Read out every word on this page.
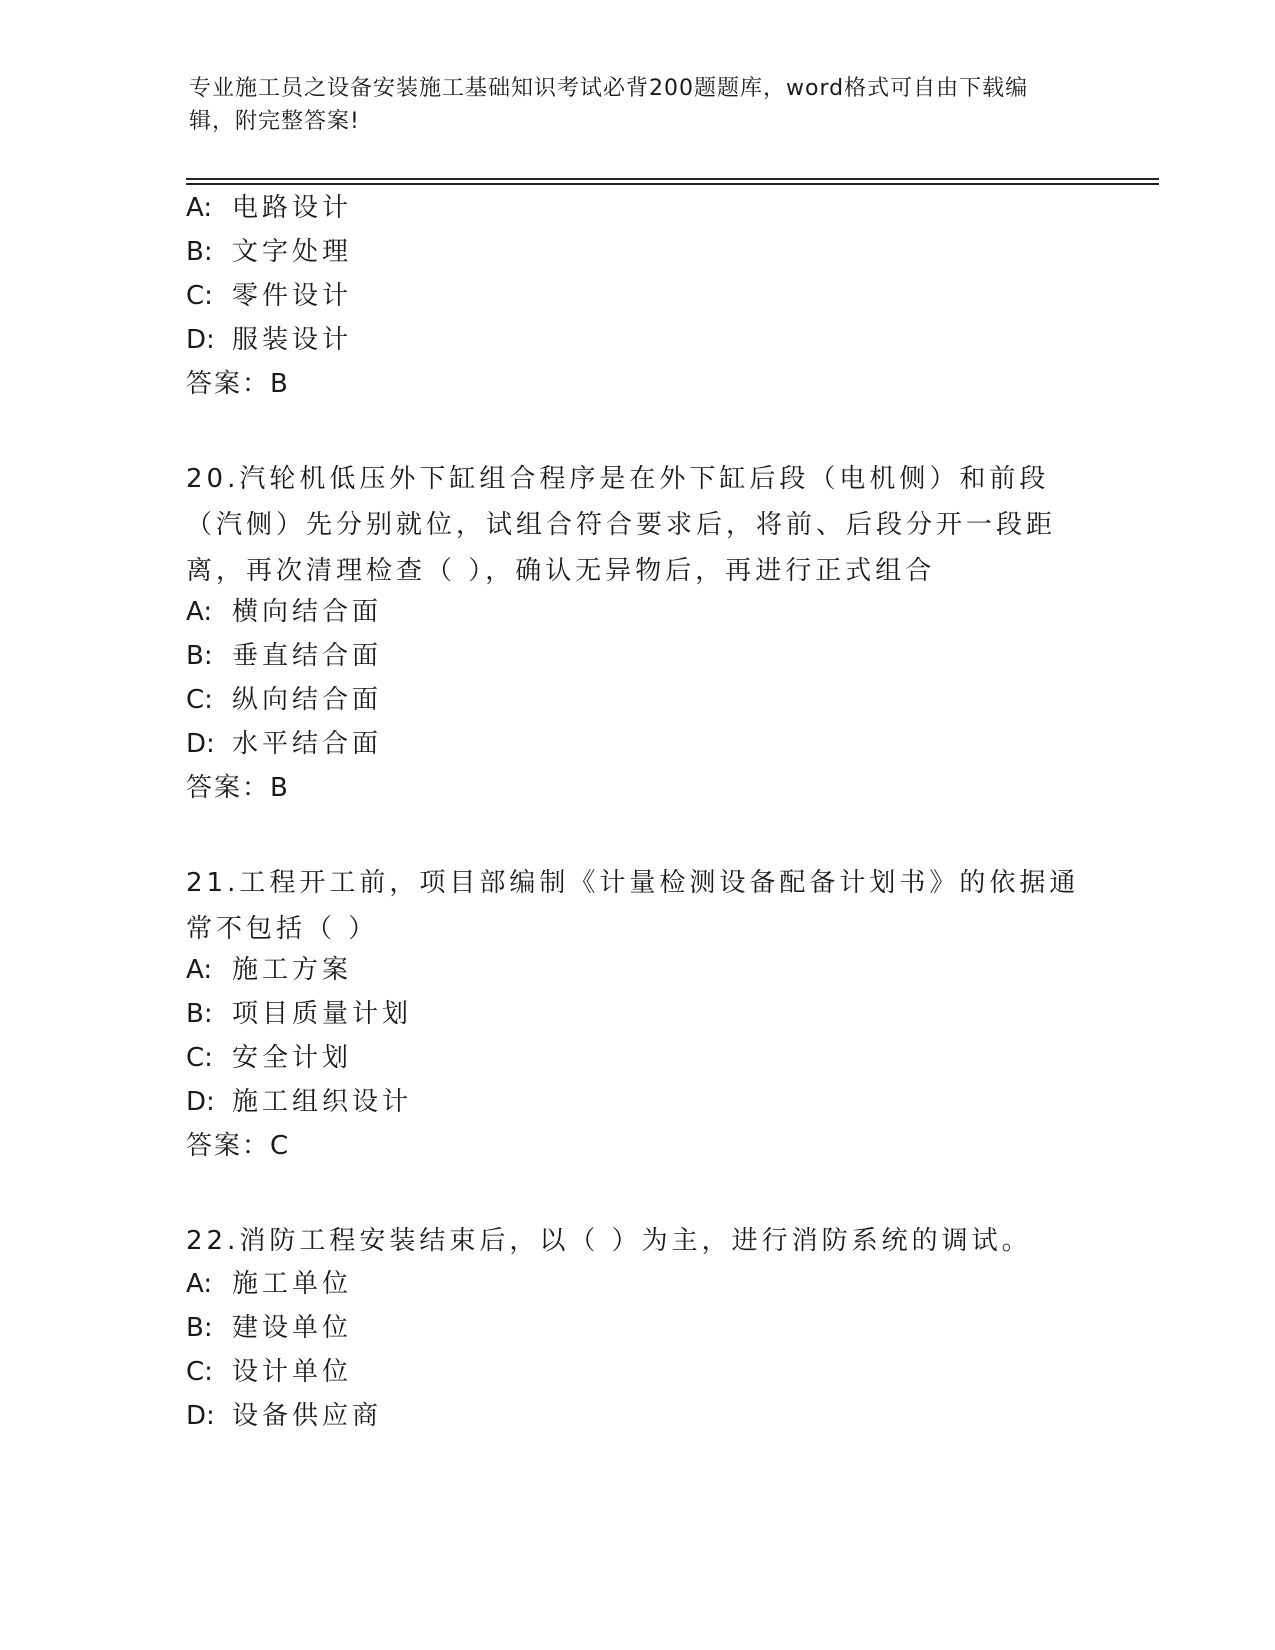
专业施工员之设备安装施工基础知识考试必背200题题库，word格式可自由下载编辑，附完整答案!
A: 电路设计
B: 文字处理
C: 零件设计
D: 服装设计
答案：B
20.汽轮机低压外下缸组合程序是在外下缸后段（电机侧）和前段（汽侧）先分别就位，试组合符合要求后，将前、后段分开一段距离，再次清理检查（ ），确认无异物后，再进行正式组合
A: 横向结合面
B: 垂直结合面
C: 纵向结合面
D: 水平结合面
答案：B
21.工程开工前，项目部编制《计量检测设备配备计划书》的依据通常不包括（ ）
A: 施工方案
B: 项目质量计划
C: 安全计划
D: 施工组织设计
答案：C
22.消防工程安装结束后，以（ ）为主，进行消防系统的调试。
A: 施工单位
B: 建设单位
C: 设计单位
D: 设备供应商
